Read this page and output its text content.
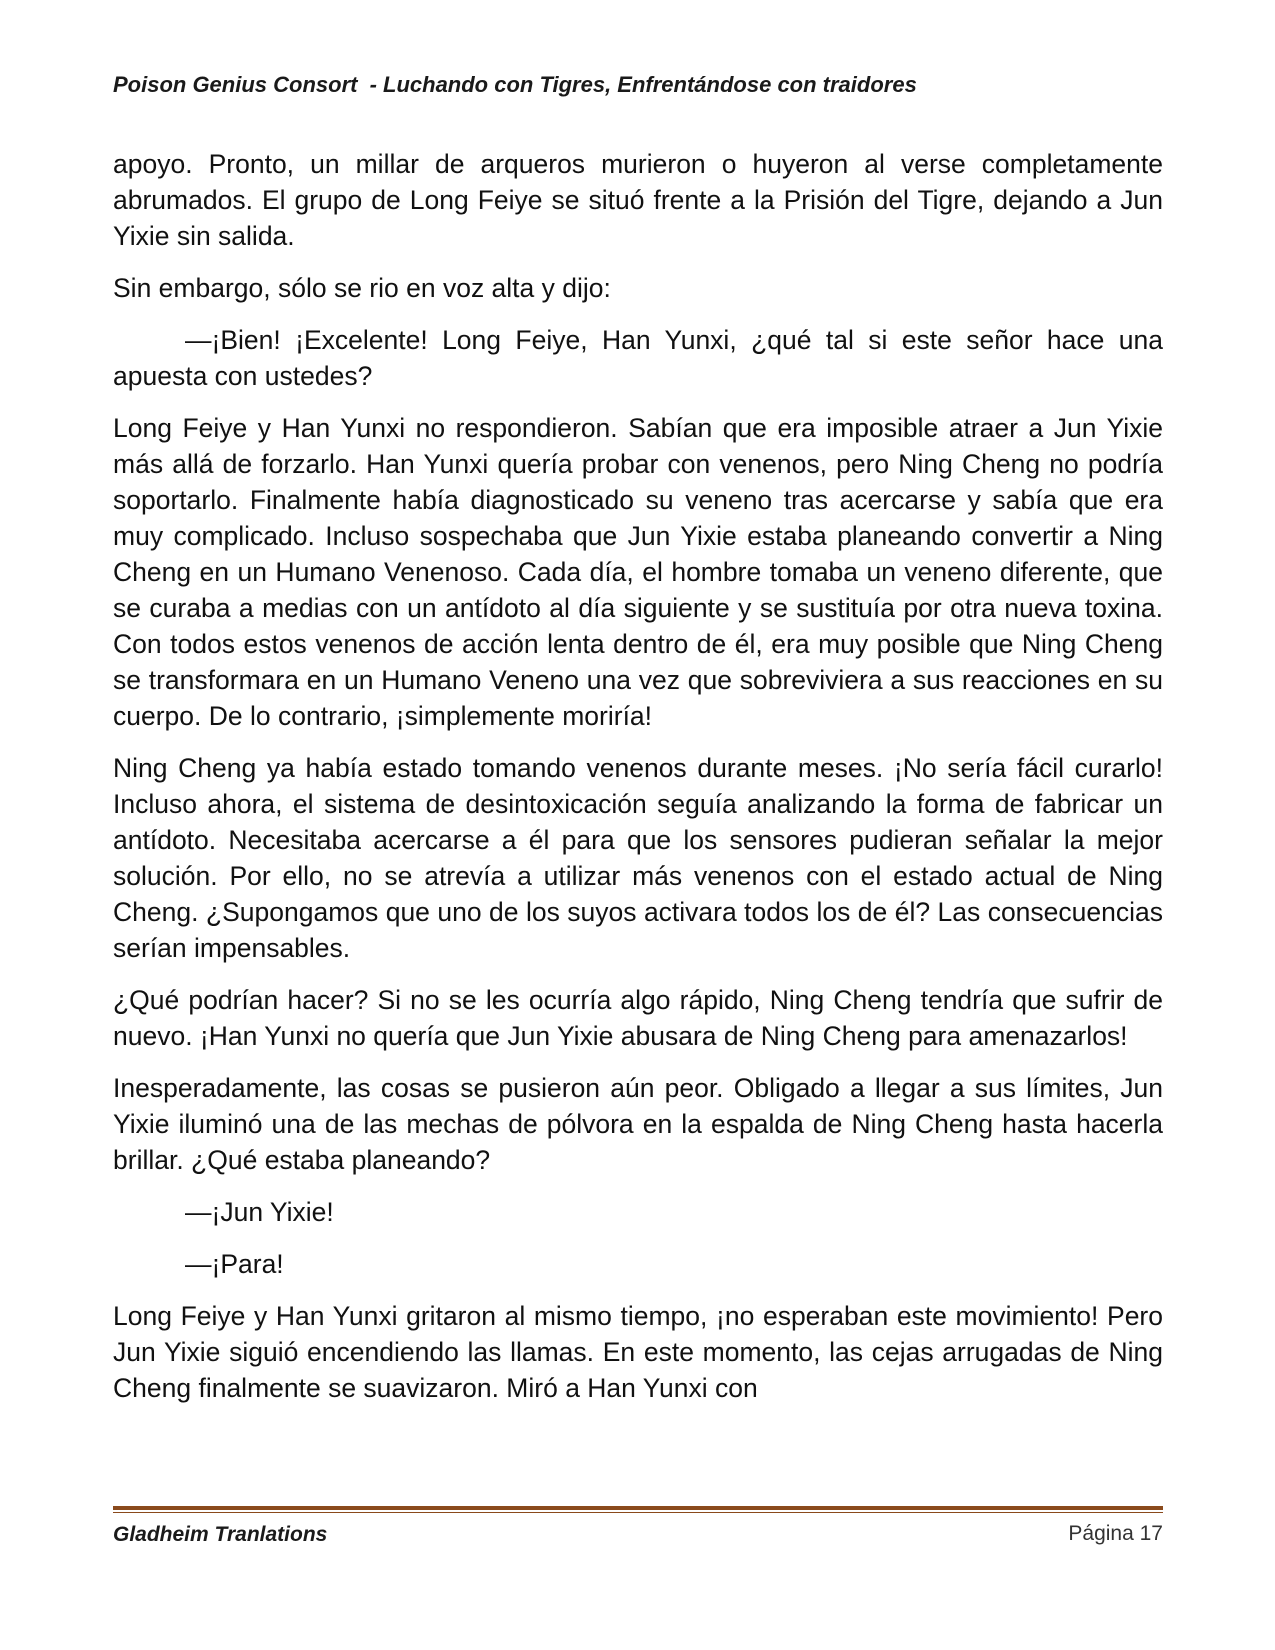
Poison Genius Consort - Luchando con Tigres, Enfrentándose con traidores

apoyo. Pronto, un millar de arqueros murieron o huyeron al verse completamente abrumados. El grupo de Long Feiye se situó frente a la Prisión del Tigre, dejando a Jun Yixie sin salida.

Sin embargo, sólo se rio en voz alta y dijo:

—¡Bien! ¡Excelente! Long Feiye, Han Yunxi, ¿qué tal si este señor hace una apuesta con ustedes?

Long Feiye y Han Yunxi no respondieron. Sabían que era imposible atraer a Jun Yixie más allá de forzarlo. Han Yunxi quería probar con venenos, pero Ning Cheng no podría soportarlo. Finalmente había diagnosticado su veneno tras acercarse y sabía que era muy complicado. Incluso sospechaba que Jun Yixie estaba planeando convertir a Ning Cheng en un Humano Venenoso. Cada día, el hombre tomaba un veneno diferente, que se curaba a medias con un antídoto al día siguiente y se sustituía por otra nueva toxina. Con todos estos venenos de acción lenta dentro de él, era muy posible que Ning Cheng se transformara en un Humano Veneno una vez que sobreviviera a sus reacciones en su cuerpo. De lo contrario, ¡simplemente moriría!

Ning Cheng ya había estado tomando venenos durante meses. ¡No sería fácil curarlo! Incluso ahora, el sistema de desintoxicación seguía analizando la forma de fabricar un antídoto. Necesitaba acercarse a él para que los sensores pudieran señalar la mejor solución. Por ello, no se atrevía a utilizar más venenos con el estado actual de Ning Cheng. ¿Supongamos que uno de los suyos activara todos los de él? Las consecuencias serían impensables.

¿Qué podrían hacer? Si no se les ocurría algo rápido, Ning Cheng tendría que sufrir de nuevo. ¡Han Yunxi no quería que Jun Yixie abusara de Ning Cheng para amenazarlos!

Inesperadamente, las cosas se pusieron aún peor. Obligado a llegar a sus límites, Jun Yixie iluminó una de las mechas de pólvora en la espalda de Ning Cheng hasta hacerla brillar. ¿Qué estaba planeando?

—¡Jun Yixie!

—¡Para!

Long Feiye y Han Yunxi gritaron al mismo tiempo, ¡no esperaban este movimiento! Pero Jun Yixie siguió encendiendo las llamas. En este momento, las cejas arrugadas de Ning Cheng finalmente se suavizaron. Miró a Han Yunxi con

Gladheim Tranlations	Página 17
